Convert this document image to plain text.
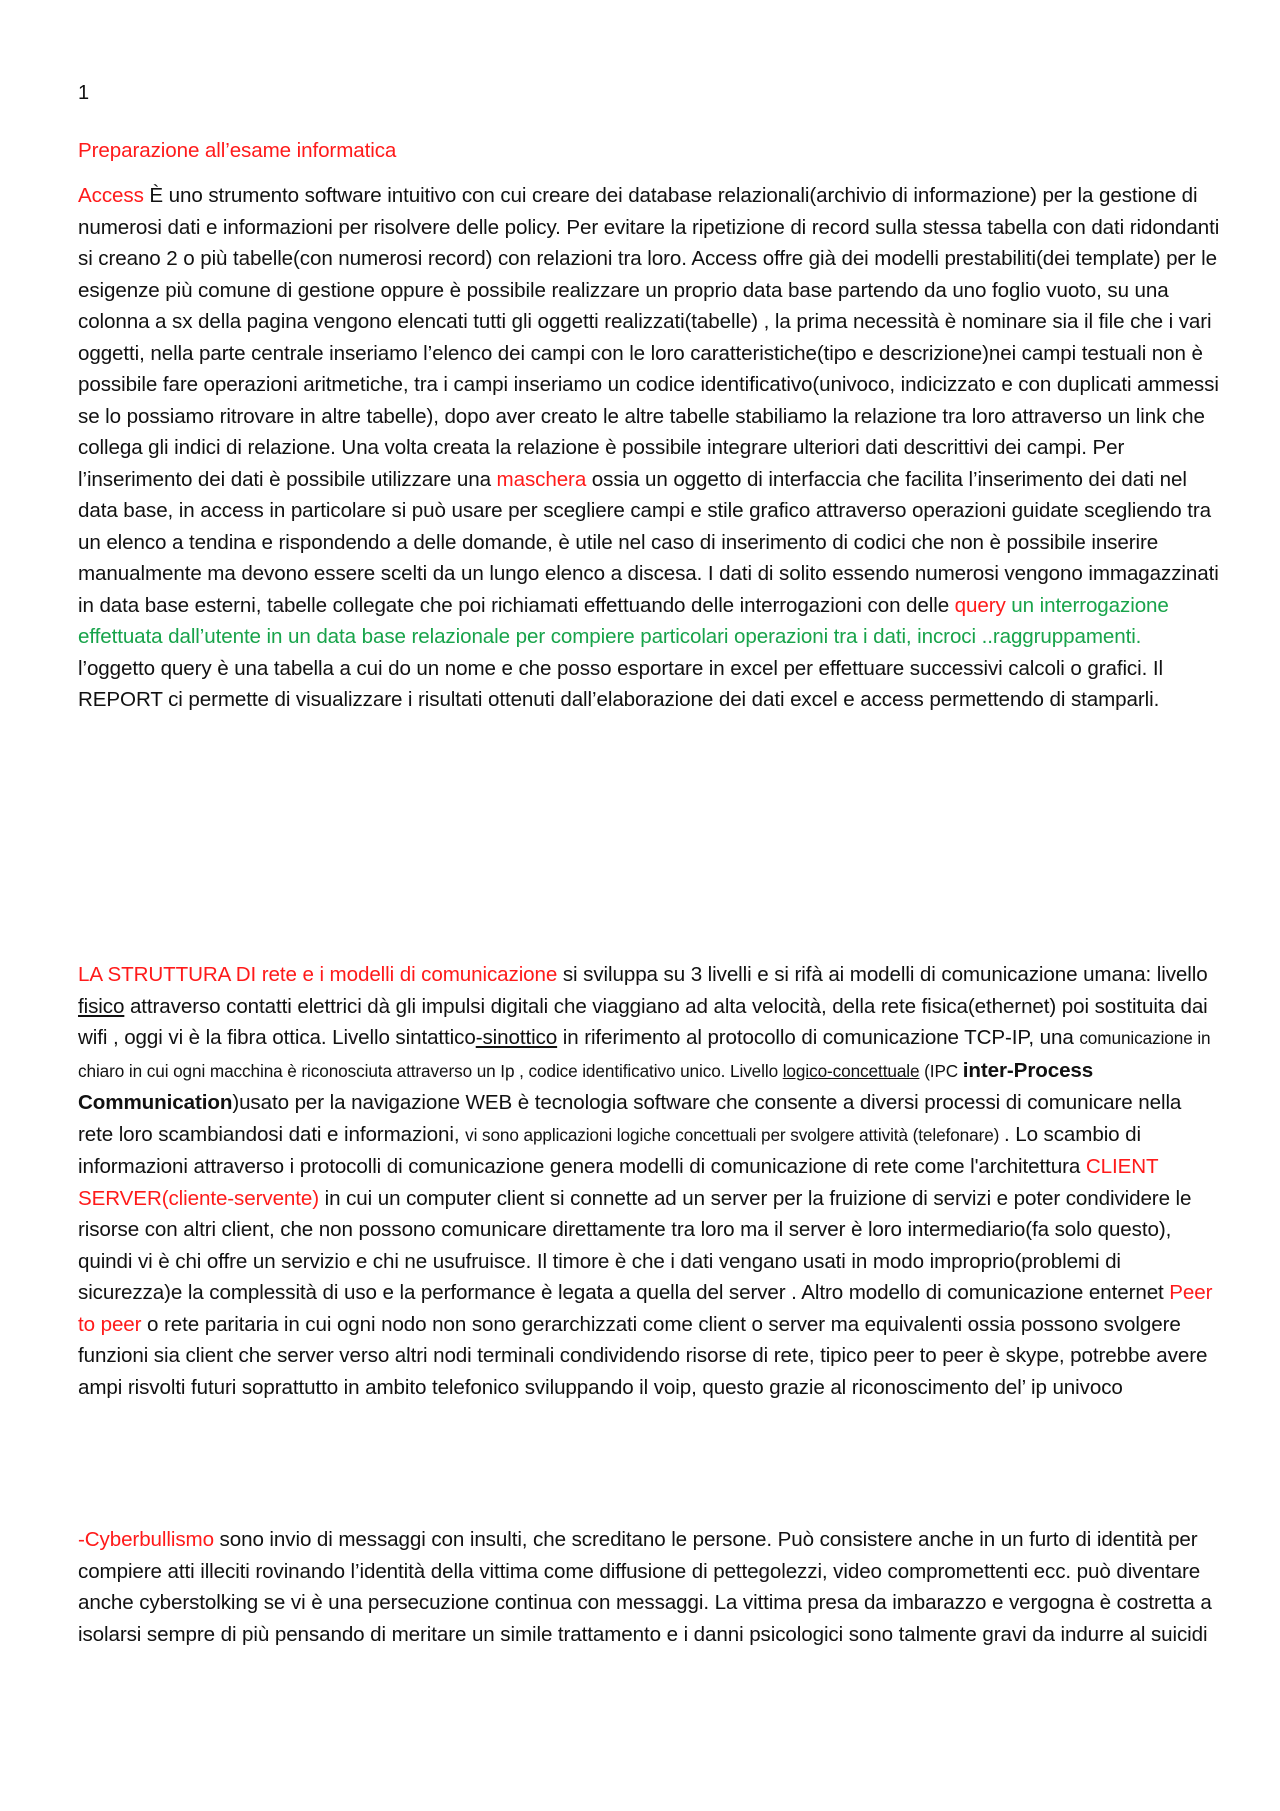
1
Preparazione all’esame informatica
Access È uno strumento software intuitivo con cui creare dei database relazionali(archivio di informazione) per la gestione di numerosi dati e informazioni per risolvere delle policy. Per evitare la ripetizione di record sulla stessa tabella con dati ridondanti si creano 2 o più tabelle(con numerosi record) con relazioni tra loro. Access offre già dei modelli prestabiliti(dei template) per le esigenze più comune di gestione oppure è possibile realizzare un proprio data base partendo da uno foglio vuoto, su una colonna a sx della pagina vengono elencati tutti gli oggetti realizzati(tabelle) , la prima necessità è nominare sia il file che i vari oggetti, nella parte centrale inseriamo l’elenco dei campi con le loro caratteristiche(tipo e descrizione)nei campi testuali non è possibile fare operazioni aritmetiche, tra i campi inseriamo un codice identificativo(univoco, indicizzato e con duplicati ammessi se lo possiamo ritrovare in altre tabelle), dopo aver creato le altre tabelle stabiliamo la relazione tra loro attraverso un link che collega gli indici di relazione. Una volta creata la relazione è possibile integrare ulteriori dati descrittivi dei campi. Per l’inserimento dei dati è possibile utilizzare una maschera ossia un oggetto di interfaccia che facilita l’inserimento dei dati nel data base, in access in particolare si può usare per scegliere campi e stile grafico attraverso operazioni guidate scegliendo tra un elenco a tendina e rispondendo a delle domande, è utile nel caso di inserimento di codici che non è possibile inserire manualmente ma devono essere scelti da un lungo elenco a discesa. I dati di solito essendo numerosi vengono immagazzinati in data base esterni, tabelle collegate che poi richiamati effettuando delle interrogazioni con delle query un interrogazione effettuata dall’utente in un data base relazionale per compiere particolari operazioni tra i dati, incroci ..raggruppamenti. l’oggetto query è una tabella a cui do un nome e che posso esportare in excel per effettuare successivi calcoli o grafici. Il REPORT ci permette di visualizzare i risultati ottenuti dall’elaborazione dei dati excel e access permettendo di stamparli.
LA STRUTTURA DI rete e i modelli di comunicazione si sviluppa su 3 livelli e si rifà ai modelli di comunicazione umana: livello fisico attraverso contatti elettrici dà gli impulsi digitali che viaggiano ad alta velocità, della rete fisica(ethernet) poi sostituita dai wifi , oggi vi è la fibra ottica. Livello sintattico-sinottico in riferimento al protocollo di comunicazione TCP-IP, una comunicazione in chiaro in cui ogni macchina è riconosciuta attraverso un Ip , codice identificativo unico. Livello logico-concettuale (IPC inter-Process Communication)usato per la navigazione WEB è tecnologia software che consente a diversi processi di comunicare nella rete loro scambiandosi dati e informazioni, vi sono applicazioni logiche concettuali per svolgere attività (telefonare) . Lo scambio di informazioni attraverso i protocolli di comunicazione genera modelli di comunicazione di rete come l'architettura CLIENT SERVER(cliente-servente) in cui un computer client si connette ad un server per la fruizione di servizi e poter condividere le risorse con altri client, che non possono comunicare direttamente tra loro ma il server è loro intermediario(fa solo questo), quindi vi è chi offre un servizio e chi ne usufruisce. Il timore è che i dati vengano usati in modo improprio(problemi di sicurezza)e la complessità di uso e la performance è legata a quella del server . Altro modello di comunicazione enternet Peer to peer o rete paritaria in cui ogni nodo non sono gerarchizzati come client o server ma equivalenti ossia possono svolgere funzioni sia client che server verso altri nodi terminali condividendo risorse di rete, tipico peer to peer è skype, potrebbe avere ampi risvolti futuri soprattutto in ambito telefonico sviluppando il voip, questo grazie al riconoscimento del’ ip univoco
-Cyberbullismo sono invio di messaggi con insulti, che screditano le persone. Può consistere anche in un furto di identità per compiere atti illeciti rovinando l’identità della vittima come diffusione di pettegolezzi, video compromettenti ecc. può diventare anche cyberstolking se vi è una persecuzione continua con messaggi. La vittima presa da imbarazzo e vergogna è costretta a isolarsi sempre di più pensando di meritare un simile trattamento e i danni psicologici sono talmente gravi da indurre al suicidi
